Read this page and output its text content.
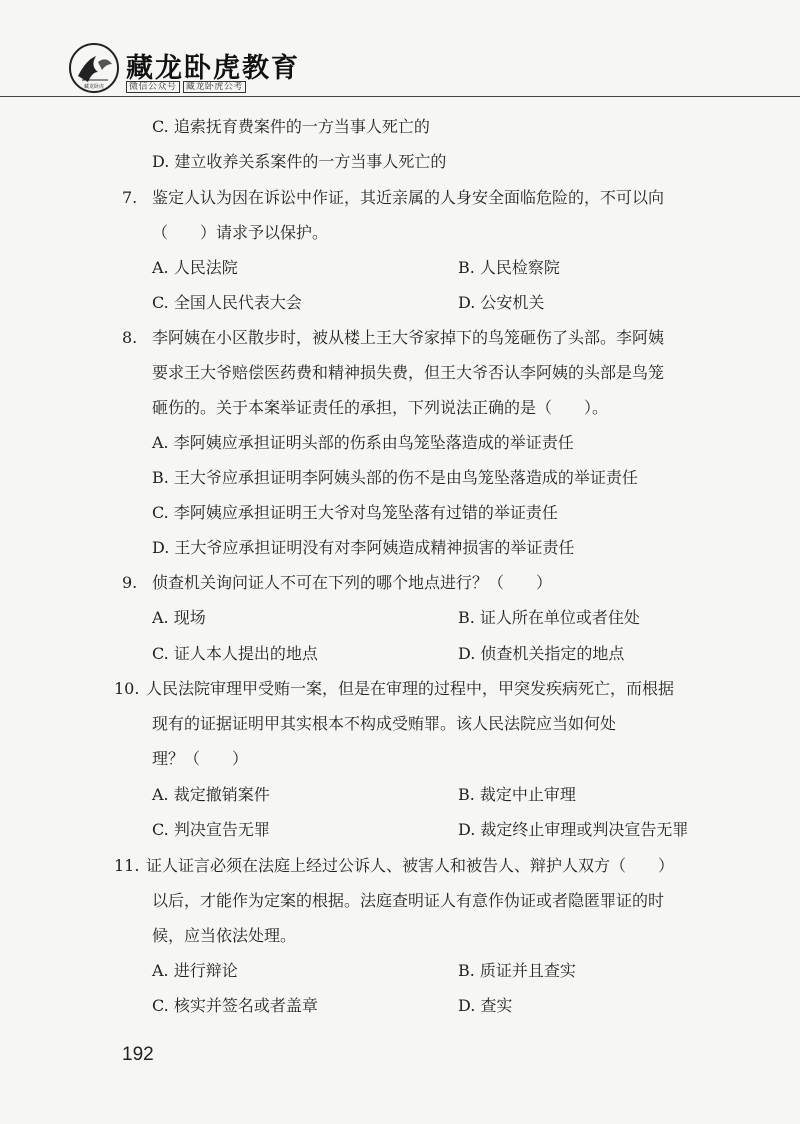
藏龙卧虎
藏龙卧虎教育
微信公众号 藏龙卧虎公考
C. 追索抚育费案件的一方当事人死亡的
D. 建立收养关系案件的一方当事人死亡的
7. 鉴定人认为因在诉讼中作证，其近亲属的人身安全面临危险的，不可以向
（　　）请求予以保护。
A. 人民法院	B. 人民检察院
C. 全国人民代表大会	D. 公安机关
8. 李阿姨在小区散步时，被从楼上王大爷家掉下的鸟笼砸伤了头部。李阿姨
要求王大爷赔偿医药费和精神损失费，但王大爷否认李阿姨的头部是鸟笼
砸伤的。关于本案举证责任的承担，下列说法正确的是（　　）。
A. 李阿姨应承担证明头部的伤系由鸟笼坠落造成的举证责任
B. 王大爷应承担证明李阿姨头部的伤不是由鸟笼坠落造成的举证责任
C. 李阿姨应承担证明王大爷对鸟笼坠落有过错的举证责任
D. 王大爷应承担证明没有对李阿姨造成精神损害的举证责任
9. 侦查机关询问证人不可在下列的哪个地点进行？（　　）
A. 现场	B. 证人所在单位或者住处
C. 证人本人提出的地点	D. 侦查机关指定的地点
10. 人民法院审理甲受贿一案，但是在审理的过程中，甲突发疾病死亡，而根据
现有的证据证明甲其实根本不构成受贿罪。该人民法院应当如何处
理？（　　）
A. 裁定撤销案件	B. 裁定中止审理
C. 判决宣告无罪	D. 裁定终止审理或判决宣告无罪
11. 证人证言必须在法庭上经过公诉人、被害人和被告人、辩护人双方（　　）
以后，才能作为定案的根据。法庭查明证人有意作伪证或者隐匿罪证的时
候，应当依法处理。
A. 进行辩论	B. 质证并且查实
C. 核实并签名或者盖章	D. 查实
192
